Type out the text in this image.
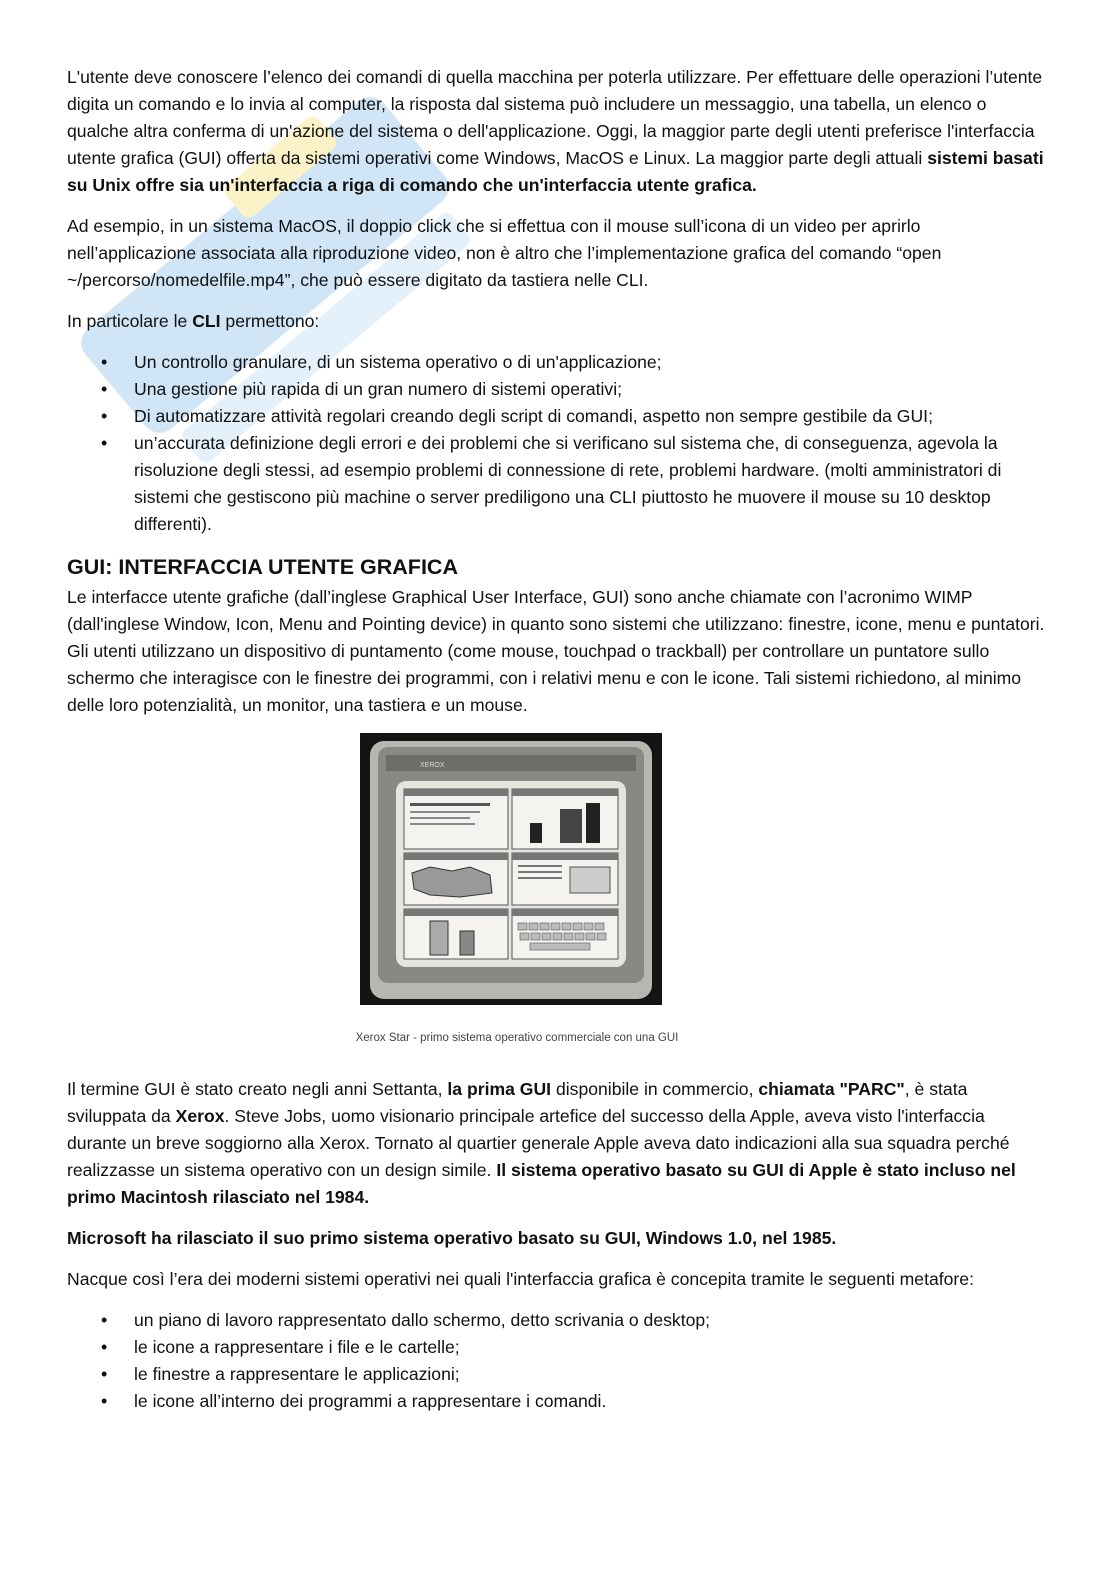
L'utente deve conoscere l’elenco dei comandi di quella macchina per poterla utilizzare. Per effettuare delle operazioni l’utente digita un comando e lo invia al computer, la risposta dal sistema può includere un messaggio, una tabella, un elenco o qualche altra conferma di un'azione del sistema o dell'applicazione. Oggi, la maggior parte degli utenti preferisce l'interfaccia utente grafica (GUI) offerta da sistemi operativi come Windows, MacOS e Linux. La maggior parte degli attuali sistemi basati su Unix offre sia un'interfaccia a riga di comando che un'interfaccia utente grafica.

Ad esempio, in un sistema MacOS, il doppio click che si effettua con il mouse sull’icona di un video per aprirlo nell’applicazione associata alla riproduzione video, non è altro che l’implementazione grafica del comando “open ~/percorso/nomedelfile.mp4”, che può essere digitato da tastiera nelle CLI.

In particolare le CLI permettono:

• Un controllo granulare, di un sistema operativo o di un'applicazione;
• Una gestione più rapida di un gran numero di sistemi operativi;
• Di automatizzare attività regolari creando degli script di comandi, aspetto non sempre gestibile da GUI;
• un’accurata definizione degli errori e dei problemi che si verificano sul sistema che, di conseguenza, agevola la risoluzione degli stessi, ad esempio problemi di connessione di rete, problemi hardware. (molti amministratori di sistemi che gestiscono più machine o server prediligono una CLI piuttosto he muovere il mouse su 10 desktop differenti).
GUI: INTERFACCIA UTENTE GRAFICA

Le interfacce utente grafiche (dall’inglese Graphical User Interface, GUI) sono anche chiamate con l’acronimo WIMP (dall'inglese Window, Icon, Menu and Pointing device) in quanto sono sistemi che utilizzano: finestre, icone, menu e puntatori. Gli utenti utilizzano un dispositivo di puntamento (come mouse, touchpad o trackball) per controllare un puntatore sullo schermo che interagisce con le finestre dei programmi, con i relativi menu e con le icone. Tali sistemi richiedono, al minimo delle loro potenzialità, un monitor, una tastiera e un mouse.

XEROX
Xerox Star - primo sistema operativo commerciale con una GUI

Il termine GUI è stato creato negli anni Settanta, la prima GUI disponibile in commercio, chiamata "PARC", è stata sviluppata da Xerox. Steve Jobs, uomo visionario principale artefice del successo della Apple, aveva visto l'interfaccia durante un breve soggiorno alla Xerox. Tornato al quartier generale Apple aveva dato indicazioni alla sua squadra perché realizzasse un sistema operativo con un design simile. Il sistema operativo basato su GUI di Apple è stato incluso nel primo Macintosh rilasciato nel 1984.

Microsoft ha rilasciato il suo primo sistema operativo basato su GUI, Windows 1.0, nel 1985.

Nacque così l’era dei moderni sistemi operativi nei quali l'interfaccia grafica è concepita tramite le seguenti metafore:

• un piano di lavoro rappresentato dallo schermo, detto scrivania o desktop;
• le icone a rappresentare i file e le cartelle;
• le finestre a rappresentare le applicazioni;
• le icone all’interno dei programmi a rappresentare i comandi.
